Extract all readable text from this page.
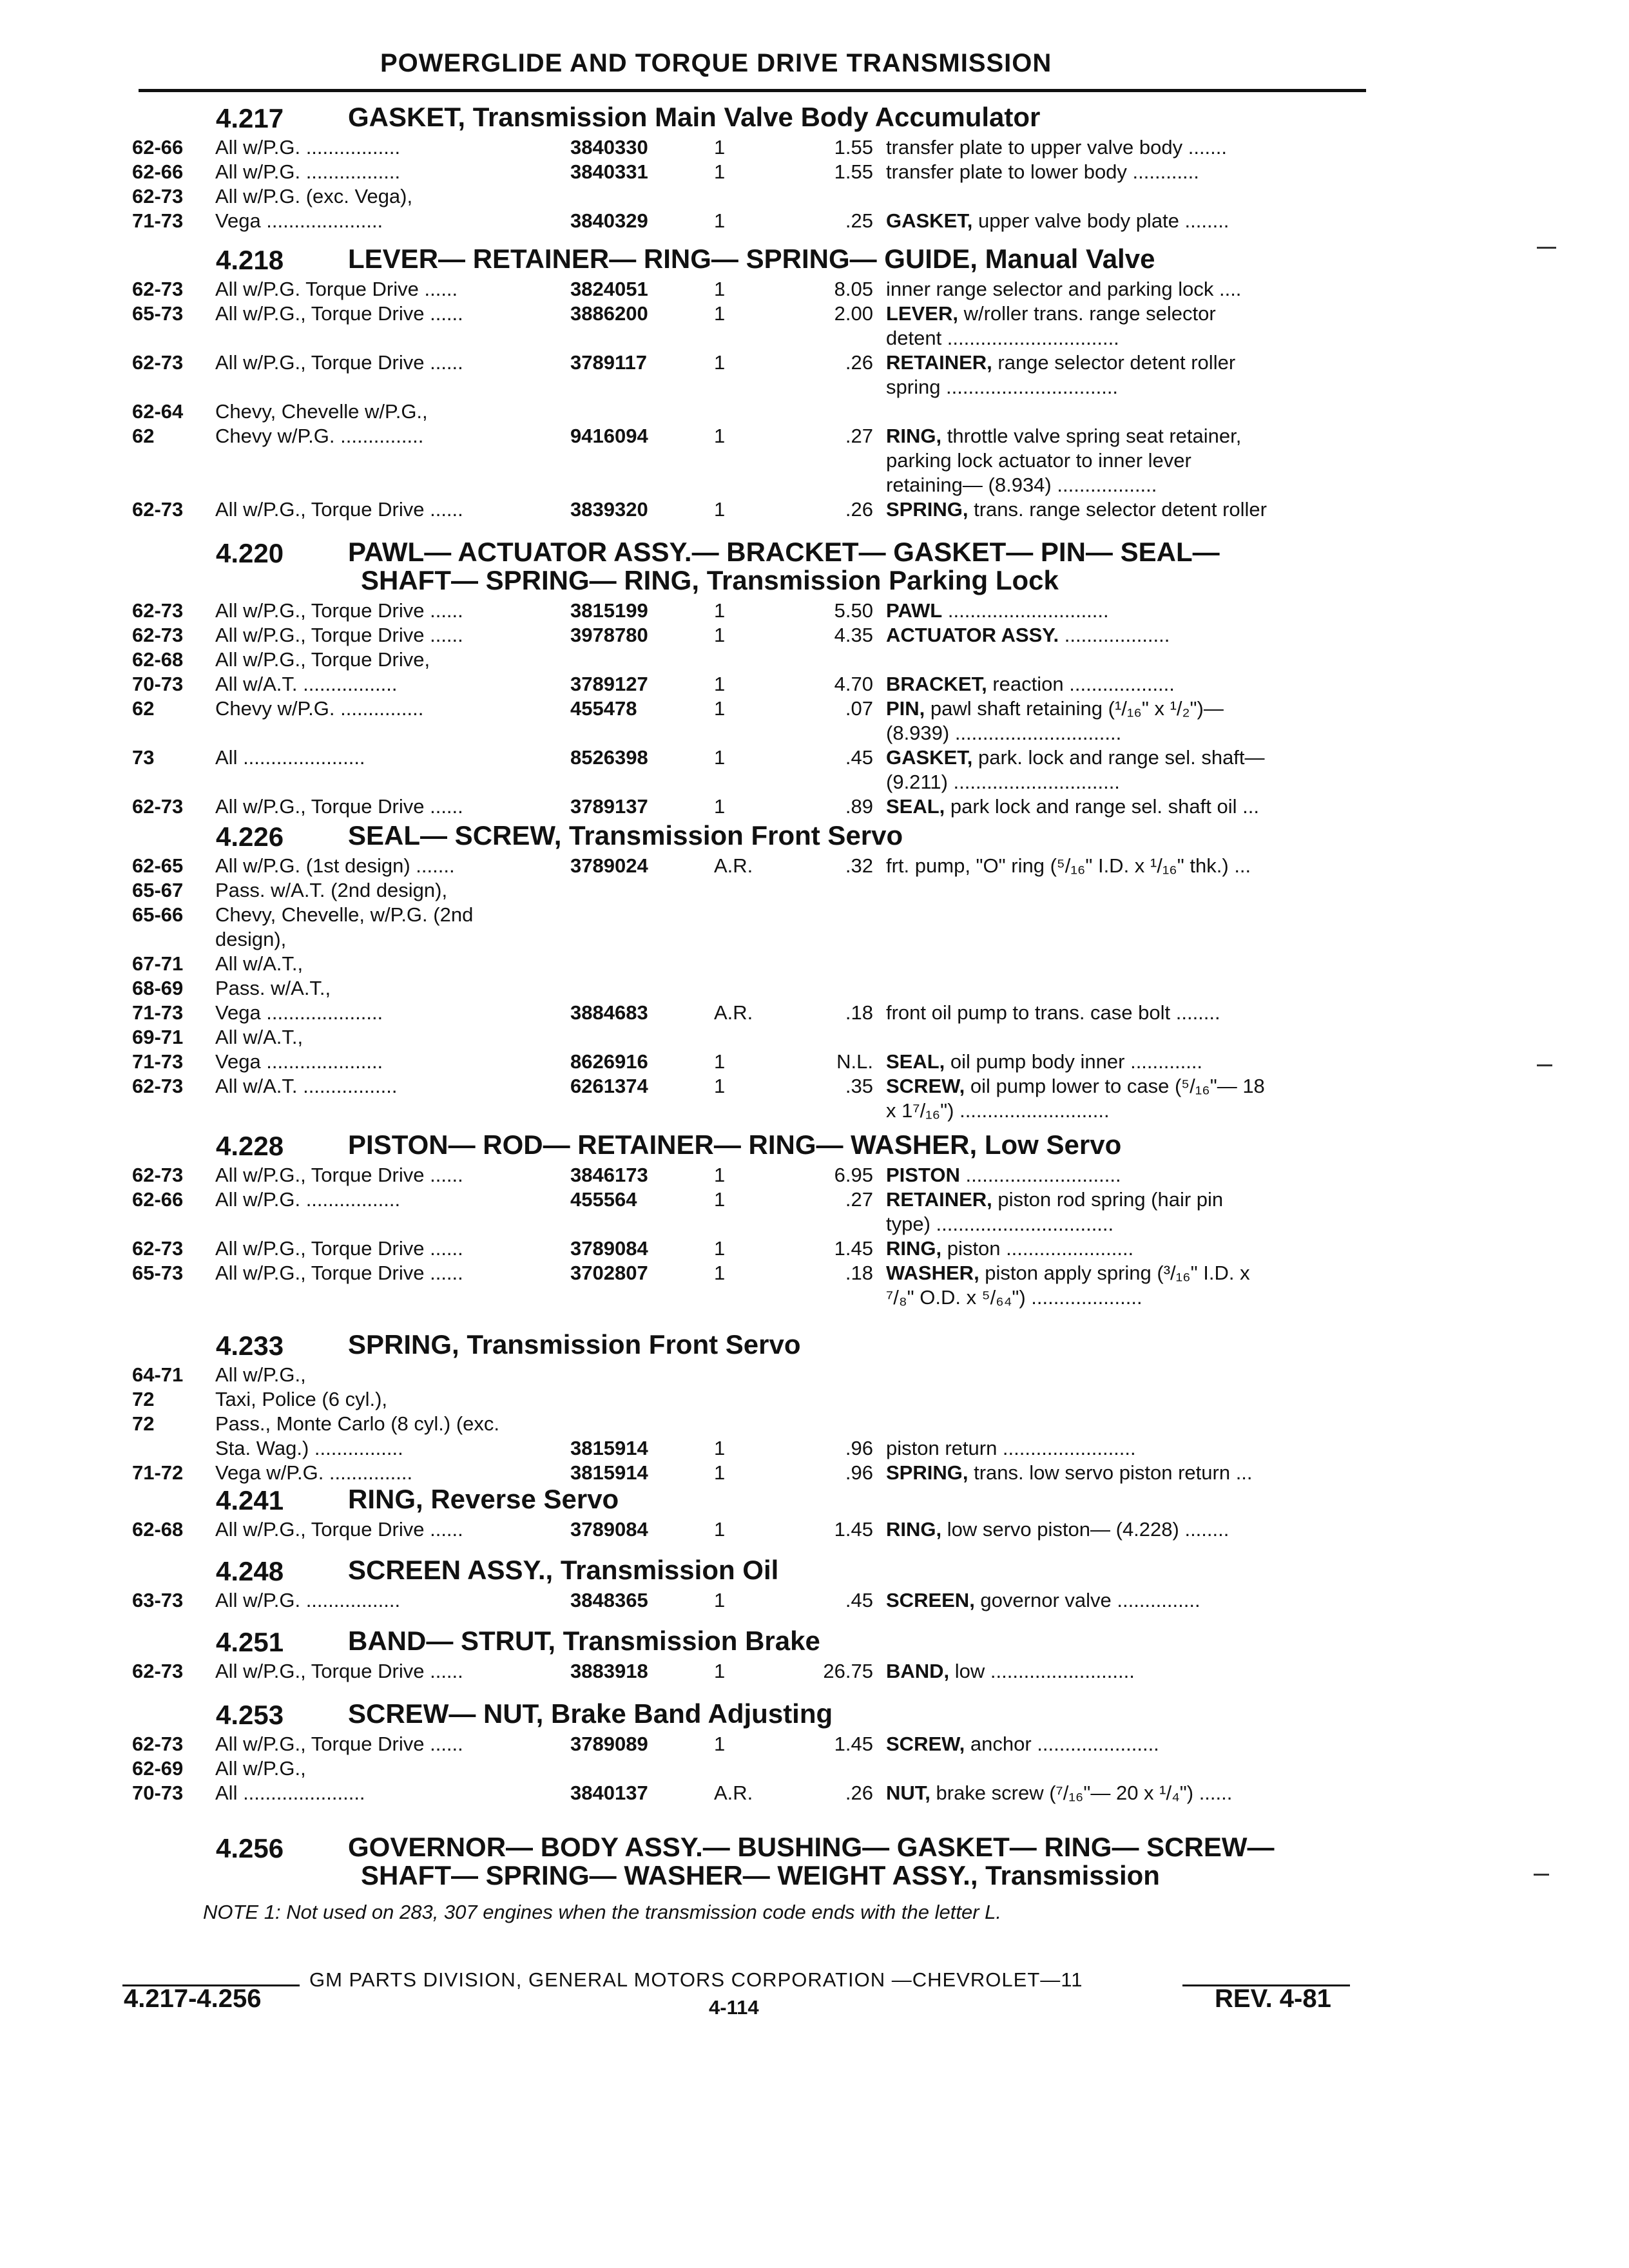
POWERGLIDE AND TORQUE DRIVE TRANSMISSION
4.217 GASKET, Transmission Main Valve Body Accumulator
62-66	All w/P.G. .................	3840330	1	1.55 transfer plate to upper valve body .......
62-66	All w/P.G. .................	3840331	1	1.55 transfer plate to lower body ............
62-73	All w/P.G. (exc. Vega),
71-73	Vega .....................	3840329	1	.25 GASKET, upper valve body plate ........
4.218 LEVER— RETAINER— RING— SPRING— GUIDE, Manual Valve
62-73	All w/P.G. Torque Drive ......	3824051	1	8.05 inner range selector and parking lock ....
65-73	All w/P.G., Torque Drive ......	3886200	1	2.00 LEVER, w/roller trans. range selector
detent ...............................
62-73	All w/P.G., Torque Drive ......	3789117	1	.26 RETAINER, range selector detent roller
spring ...............................
62-64	Chevy, Chevelle w/P.G.,
62	Chevy w/P.G. ...............	9416094	1	.27 RING, throttle valve spring seat retainer,
parking lock actuator to inner lever
retaining— (8.934) ..................
62-73	All w/P.G., Torque Drive ......	3839320	1	.26 SPRING, trans. range selector detent roller
4.220 PAWL— ACTUATOR ASSY.— BRACKET— GASKET— PIN— SEAL—
SHAFT— SPRING— RING, Transmission Parking Lock
62-73	All w/P.G., Torque Drive ......	3815199	1	5.50 PAWL .............................
62-73	All w/P.G., Torque Drive ......	3978780	1	4.35 ACTUATOR ASSY. ...................
62-68	All w/P.G., Torque Drive,
70-73	All w/A.T. .................	3789127	1	4.70 BRACKET, reaction ...................
62	Chevy w/P.G. ...............	455478	1	.07 PIN, pawl shaft retaining (¹/₁₆" x ¹/₂")—
(8.939) ..............................
73	All ......................	8526398	1	.45 GASKET, park. lock and range sel. shaft—
(9.211) ..............................
62-73	All w/P.G., Torque Drive ......	3789137	1	.89 SEAL, park lock and range sel. shaft oil ...
4.226 SEAL— SCREW, Transmission Front Servo
62-65	All w/P.G. (1st design) .......	3789024	A.R.	.32 frt. pump, "O" ring (⁵/₁₆" I.D. x ¹/₁₆" thk.) ...
65-67	Pass. w/A.T. (2nd design),
65-66	Chevy, Chevelle, w/P.G. (2nd
design),
67-71	All w/A.T.,
68-69	Pass. w/A.T.,
71-73	Vega .....................	3884683	A.R.	.18 front oil pump to trans. case bolt ........
69-71	All w/A.T.,
71-73	Vega .....................	8626916	1	N.L. SEAL, oil pump body inner .............
62-73	All w/A.T. .................	6261374	1	.35 SCREW, oil pump lower to case (⁵/₁₆"— 18
x 1⁷/₁₆") ...........................
4.228 PISTON— ROD— RETAINER— RING— WASHER, Low Servo
62-73	All w/P.G., Torque Drive ......	3846173	1	6.95 PISTON ............................
62-66	All w/P.G. .................	455564	1	.27 RETAINER, piston rod spring (hair pin
type) ................................
62-73	All w/P.G., Torque Drive ......	3789084	1	1.45 RING, piston .......................
65-73	All w/P.G., Torque Drive ......	3702807	1	.18 WASHER, piston apply spring (³/₁₆" I.D. x
⁷/₈" O.D. x ⁵/₆₄") ....................
4.233 SPRING, Transmission Front Servo
64-71	All w/P.G.,
72	Taxi, Police (6 cyl.),
72	Pass., Monte Carlo (8 cyl.) (exc.
Sta. Wag.) ................	3815914	1	.96 piston return ........................
71-72	Vega w/P.G. ...............	3815914	1	.96 SPRING, trans. low servo piston return ...
4.241 RING, Reverse Servo
62-68	All w/P.G., Torque Drive ......	3789084	1	1.45 RING, low servo piston— (4.228) ........
4.248 SCREEN ASSY., Transmission Oil
63-73	All w/P.G. .................	3848365	1	.45 SCREEN, governor valve ...............
4.251 BAND— STRUT, Transmission Brake
62-73	All w/P.G., Torque Drive ......	3883918	1	26.75 BAND, low ..........................
4.253 SCREW— NUT, Brake Band Adjusting
62-73	All w/P.G., Torque Drive ......	3789089	1	1.45 SCREW, anchor ......................
62-69	All w/P.G.,
70-73	All ......................	3840137	A.R.	.26 NUT, brake screw (⁷/₁₆"— 20 x ¹/₄") ......
4.256 GOVERNOR— BODY ASSY.— BUSHING— GASKET— RING— SCREW—
SHAFT— SPRING— WASHER— WEIGHT ASSY., Transmission
NOTE 1: Not used on 283, 307 engines when the transmission code ends with the letter L.
GM PARTS DIVISION, GENERAL MOTORS CORPORATION —CHEVROLET—11
4.217-4.256	4-114	REV. 4-81
